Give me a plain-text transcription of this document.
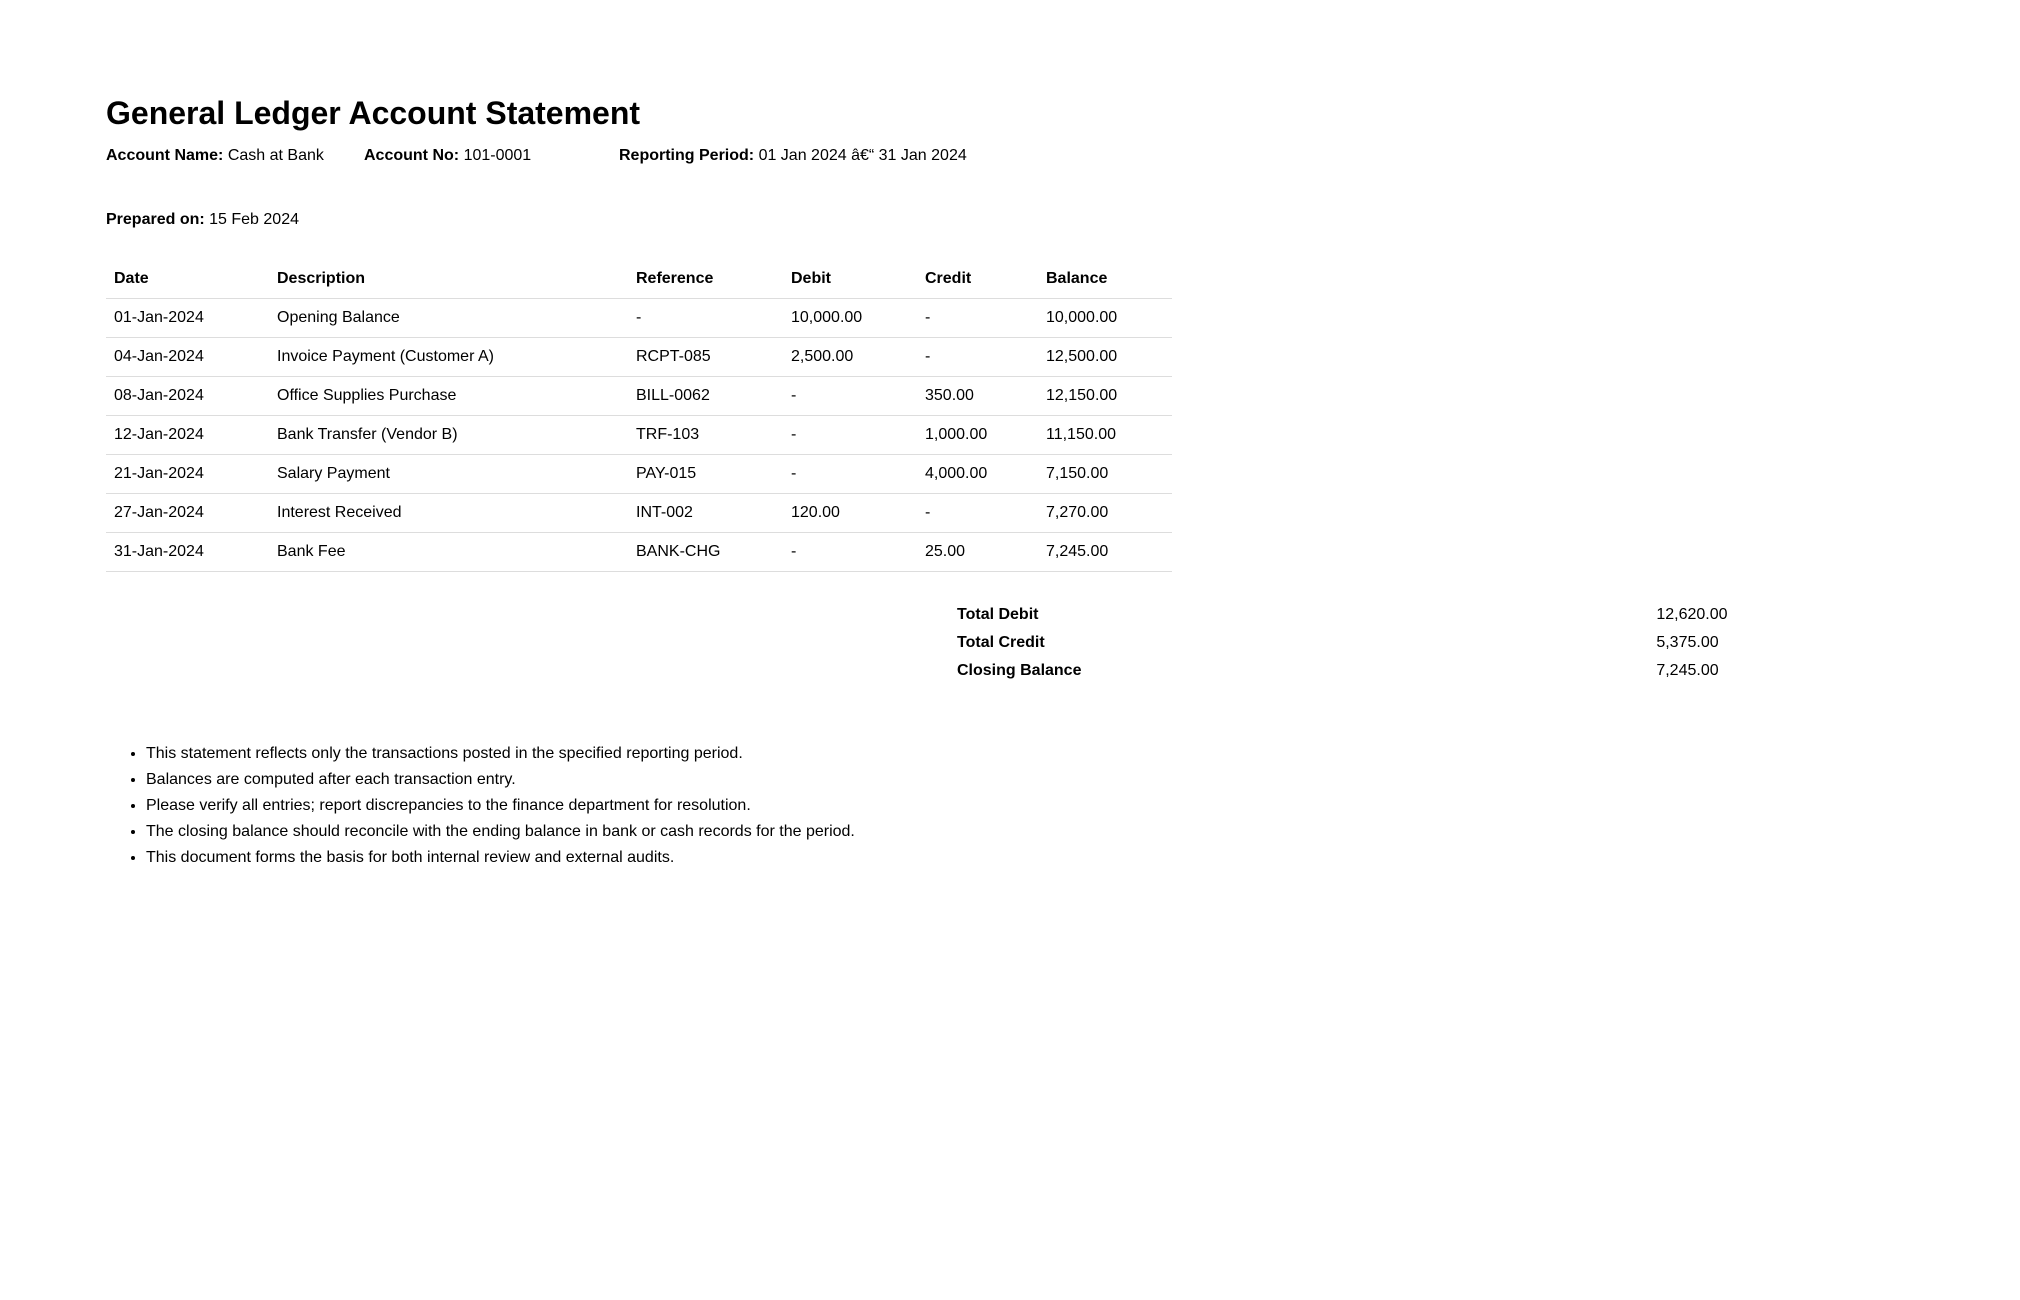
General Ledger Account Statement
Account Name: Cash at Bank	Account No: 101-0001	Reporting Period: 01 Jan 2024 â€“ 31 Jan 2024
Prepared on: 15 Feb 2024
Date	Description	Reference	Debit	Credit	Balance
01-Jan-2024	Opening Balance	-	10,000.00	-	10,000.00
04-Jan-2024	Invoice Payment (Customer A)	RCPT-085	2,500.00	-	12,500.00
08-Jan-2024	Office Supplies Purchase	BILL-0062	-	350.00	12,150.00
12-Jan-2024	Bank Transfer (Vendor B)	TRF-103	-	1,000.00	11,150.00
21-Jan-2024	Salary Payment	PAY-015	-	4,000.00	7,150.00
27-Jan-2024	Interest Received	INT-002	120.00	-	7,270.00
31-Jan-2024	Bank Fee	BANK-CHG	-	25.00	7,245.00
Total Debit	12,620.00
Total Credit	5,375.00
Closing Balance	7,245.00
• This statement reflects only the transactions posted in the specified reporting period.
• Balances are computed after each transaction entry.
• Please verify all entries; report discrepancies to the finance department for resolution.
• The closing balance should reconcile with the ending balance in bank or cash records for the period.
• This document forms the basis for both internal review and external audits.
